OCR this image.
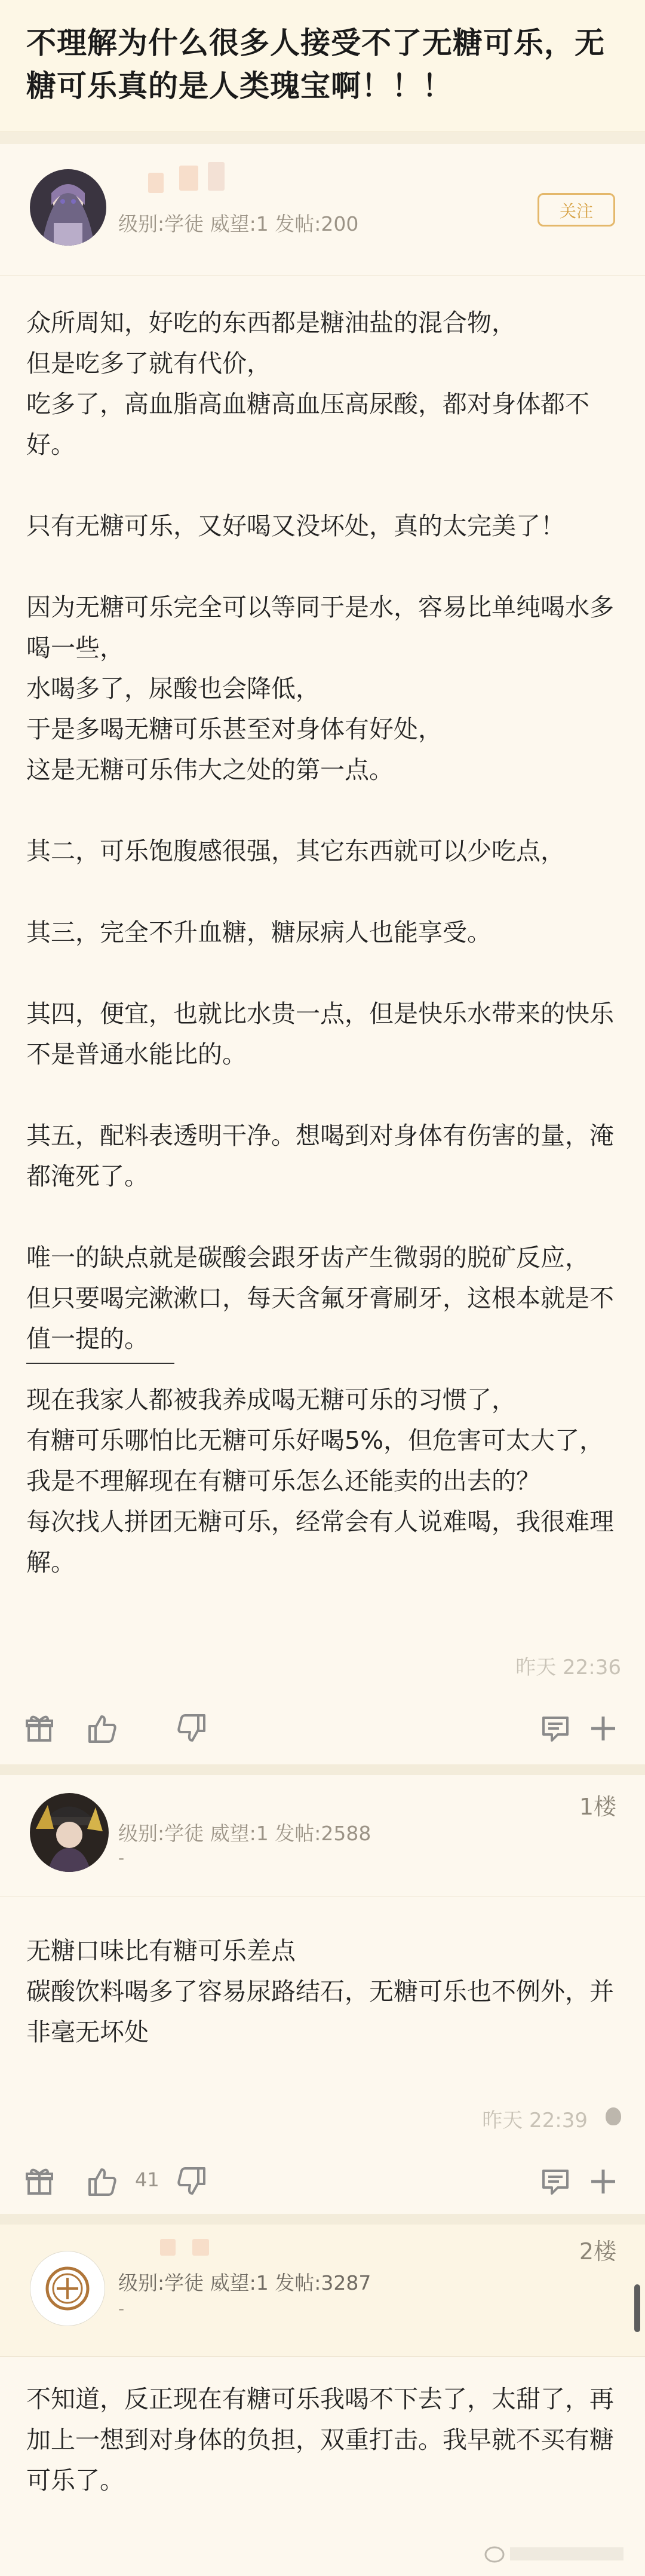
不理解为什么很多人接受不了无糖可乐，无糖可乐真的是人类瑰宝啊！！！
级别:学徒 威望:1 发帖:200
关注

众所周知，好吃的东西都是糖油盐的混合物，

但是吃多了就有代价，

吃多了，高血脂高血糖高血压高尿酸，都对身体都不

好。

只有无糖可乐，又好喝又没坏处，真的太完美了！

因为无糖可乐完全可以等同于是水，容易比单纯喝水多

喝一些，

水喝多了，尿酸也会降低，

于是多喝无糖可乐甚至对身体有好处，

这是无糖可乐伟大之处的第一点。

其二，可乐饱腹感很强，其它东西就可以少吃点，

其三，完全不升血糖，糖尿病人也能享受。

其四，便宜，也就比水贵一点，但是快乐水带来的快乐

不是普通水能比的。

其五，配料表透明干净。想喝到对身体有伤害的量，淹

都淹死了。

唯一的缺点就是碳酸会跟牙齿产生微弱的脱矿反应，

但只要喝完漱漱口，每天含氟牙膏刷牙，这根本就是不

值一提的。

现在我家人都被我养成喝无糖可乐的习惯了，

有糖可乐哪怕比无糖可乐好喝5%，但危害可太大了，

我是不理解现在有糖可乐怎么还能卖的出去的？

每次找人拼团无糖可乐，经常会有人说难喝，我很难理

解。

昨天 22:36
1楼
级别:学徒 威望:1 发帖:2588
-

无糖口味比有糖可乐差点

碳酸饮料喝多了容易尿路结石，无糖可乐也不例外，并

非毫无坏处

昨天 22:39
41
2楼
级别:学徒 威望:1 发帖:3287
-

不知道，反正现在有糖可乐我喝不下去了，太甜了，再

加上一想到对身体的负担，双重打击。我早就不买有糖

可乐了。
